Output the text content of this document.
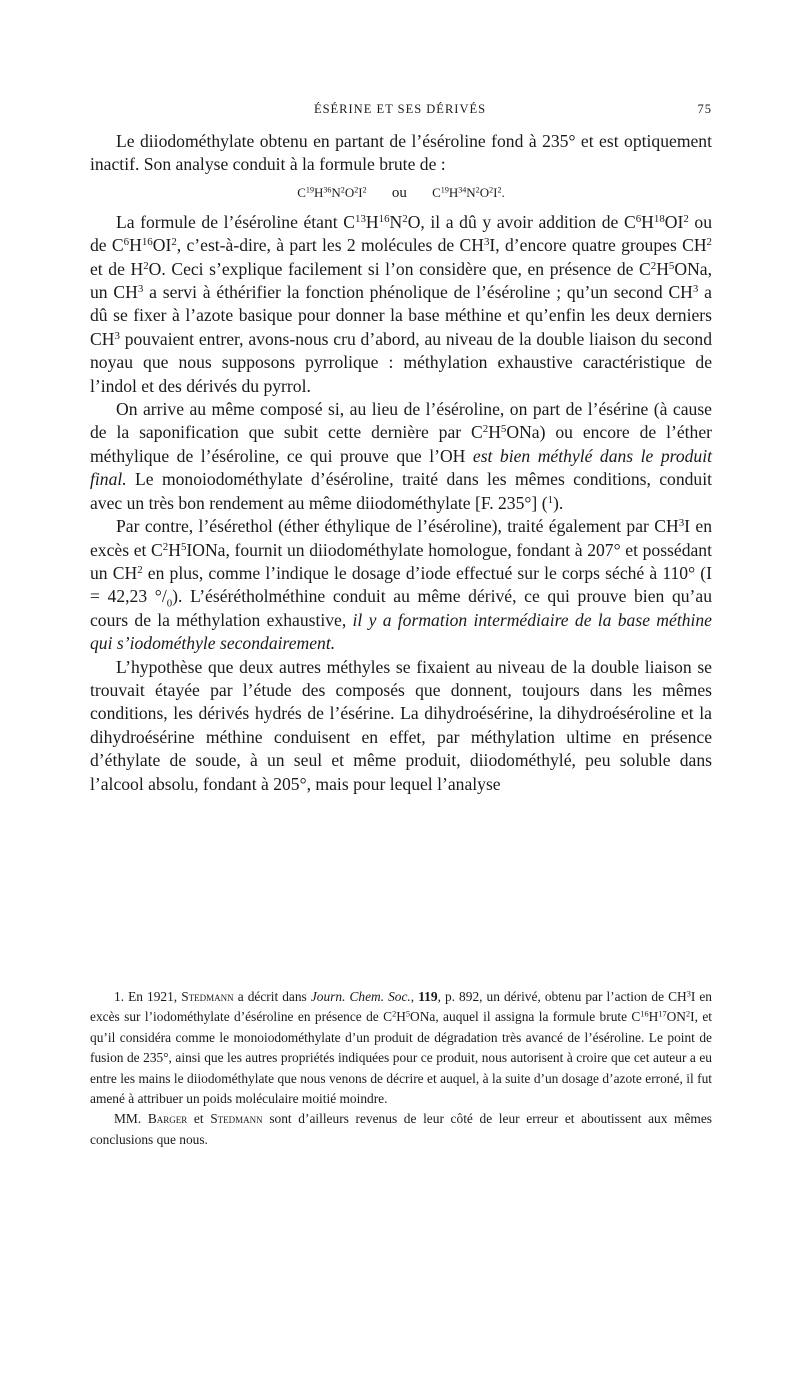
ÉSÉRINE ET SES DÉRIVÉS	75

Le diiodométhylate obtenu en partant de l’éséroline fond à 235° et est optiquement inactif. Son analyse conduit à la formule brute de :

$C^{19}H^{36}N^2O^2I^2$ ou $C^{19}H^{34}N^2O^2I^2$.

La formule de l’éséroline étant $C^{13}H^{16}N^2O$, il a dû y avoir addition de $C^6H^{18}OI^2$ ou de $C^6H^{16}OI^2$, c’est-à-dire, à part les 2 molécules de $CH^3I$, d’encore quatre groupes $CH^2$ et de $H^2O$. Ceci s’explique facilement si l’on considère que, en présence de $C^2H^5ONa$, un $CH^3$ a servi à éthérifier la fonction phénolique de l’éséroline ; qu’un second $CH^3$ a dû se fixer à l’azote basique pour donner la base méthine et qu’enfin les deux derniers $CH^3$ pouvaient entrer, avons-nous cru d’abord, au niveau de la double liaison du second noyau que nous supposons pyrrolique : méthylation exhaustive caractéristique de l’indol et des dérivés du pyrrol.

On arrive au même composé si, au lieu de l’éséroline, on part de l’ésérine (à cause de la saponification que subit cette dernière par $C^2H^5ONa$) ou encore de l’éther méthylique de l’éséroline, ce qui prouve que l’OH est bien méthylé dans le produit final. Le monoiodométhylate d’éséroline, traité dans les mêmes conditions, conduit avec un très bon rendement au même diiodométhylate [F. 235°] ($^1$).

Par contre, l’ésérethol (éther éthylique de l’éséroline), traité également par $CH^3I$ en excès et $C^2H^5IONa$, fournit un diiodométhylate homologue, fondant à 207° et possédant un $CH^2$ en plus, comme l’indique le dosage d’iode effectué sur le corps séché à 110° (I = 42,23 $^\circ/_0$). L’ésérétholméthine conduit au même dérivé, ce qui prouve bien qu’au cours de la méthylation exhaustive, il y a formation intermédiaire de la base méthine qui s’iodométhyle secondairement.

L’hypothèse que deux autres méthyles se fixaient au niveau de la double liaison se trouvait étayée par l’étude des composés que donnent, toujours dans les mêmes conditions, les dérivés hydrés de l’ésérine. La dihydroésérine, la dihydroéséroline et la dihydroésérine méthine conduisent en effet, par méthylation ultime en présence d’éthylate de soude, à un seul et même produit, diiodométhylé, peu soluble dans l’alcool absolu, fondant à 205°, mais pour lequel l’analyse

1. En 1921, Stedmann a décrit dans Journ. Chem. Soc., 119, p. 892, un dérivé, obtenu par l’action de $CH^3I$ en excès sur l’iodométhylate d’éséroline en présence de $C^2H^5ONa$, auquel il assigna la formule brute $C^{16}H^{17}ON^2I$, et qu’il considéra comme le monoiodométhylate d’un produit de dégradation très avancé de l’éséroline. Le point de fusion de 235°, ainsi que les autres propriétés indiquées pour ce produit, nous autorisent à croire que cet auteur a eu entre les mains le diiodométhylate que nous venons de décrire et auquel, à la suite d’un dosage d’azote erroné, il fut amené à attribuer un poids moléculaire moitié moindre.

MM. Barger et Stedmann sont d’ailleurs revenus de leur côté de leur erreur et aboutissent aux mêmes conclusions que nous.
